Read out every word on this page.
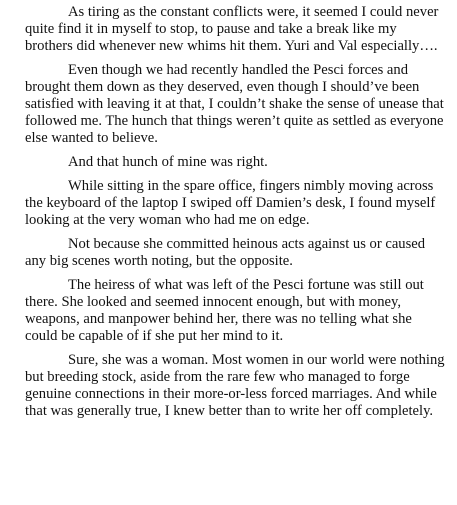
As tiring as the constant conflicts were, it seemed I could never quite find it in myself to stop, to pause and take a break like my brothers did whenever new whims hit them. Yuri and Val especially….

Even though we had recently handled the Pesci forces and brought them down as they deserved, even though I should’ve been satisfied with leaving it at that, I couldn’t shake the sense of unease that followed me. The hunch that things weren’t quite as settled as everyone else wanted to believe.

And that hunch of mine was right.

While sitting in the spare office, fingers nimbly moving across the keyboard of the laptop I swiped off Damien’s desk, I found myself looking at the very woman who had me on edge.

Not because she committed heinous acts against us or caused any big scenes worth noting, but the opposite.

The heiress of what was left of the Pesci fortune was still out there. She looked and seemed innocent enough, but with money, weapons, and manpower behind her, there was no telling what she could be capable of if she put her mind to it.

Sure, she was a woman. Most women in our world were nothing but breeding stock, aside from the rare few who managed to forge genuine connections in their more-or-less forced marriages. And while that was generally true, I knew better than to write her off completely.
